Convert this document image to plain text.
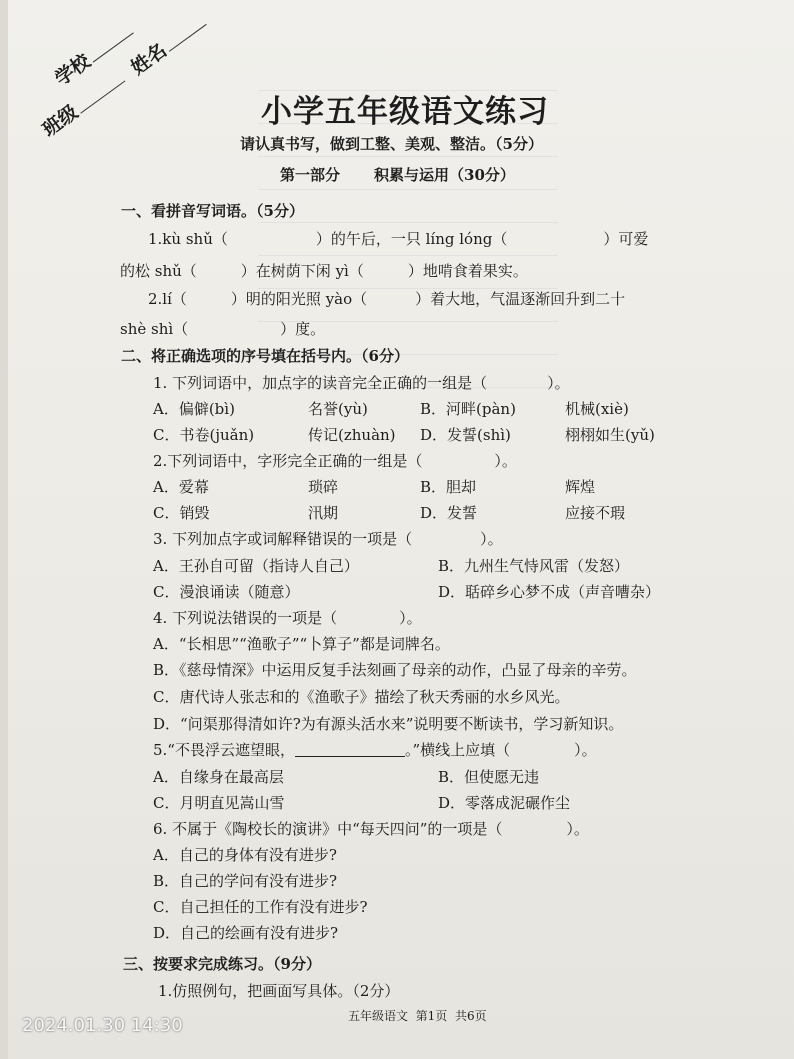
班级
学校 姓名
小学五年级语文练习
请认真书写，做到工整、美观、整洁。（5分）
第一部分 积累与运用（30分）
一、看拼音写词语。（5分）
1.kù shǔ（	）的午后，一只 líng lóng（	）可爱
的松 shǔ（	）在树荫下闲 yì（	）地啃食着果实。
2.lí（	）明的阳光照 yào（	）着大地，气温逐渐回升到二十
shè shì（	）度。
二、将正确选项的序号填在括号内。（6分）
1. 下列词语中，加点字的读音完全正确的一组是（	）。
A．偏僻(bì)	名誉(yù)	B．河畔(pàn)	机械(xiè)
C．书卷(juǎn)	传记(zhuàn) D．发誓(shì)	栩栩如生(yǔ)
2.下列词语中，字形完全正确的一组是（	）。
A．爱幕	琐碎	B．胆却	辉煌
C．销毁	汛期	D．发誓	应接不瑕
3. 下列加点字或词解释错误的一项是（	）。
A．王孙自可留（指诗人自己）	B．九州生气恃风雷（发怒）
C．漫浪诵读（随意）	D．聒碎乡心梦不成（声音嘈杂）
4. 下列说法错误的一项是（	）。
A．“长相思”“渔歌子”“卜算子”都是词牌名。
B．《慈母情深》中运用反复手法刻画了母亲的动作，凸显了母亲的辛劳。
C．唐代诗人张志和的《渔歌子》描绘了秋天秀丽的水乡风光。
D．“问渠那得清如许?为有源头活水来”说明要不断读书，学习新知识。
5.“不畏浮云遮望眼，	。”横线上应填（	）。
A．自缘身在最高层	B．但使愿无违
C．月明直见嵩山雪	D．零落成泥碾作尘
6. 不属于《陶校长的演讲》中“每天四问”的一项是（	）。
A．自己的身体有没有进步?
B．自己的学问有没有进步?
C．自己担任的工作有没有进步?
D．自己的绘画有没有进步?
三、按要求完成练习。（9分）
1.仿照例句，把画面写具体。（2分）
五年级语文 第1页 共6页
2024.01.30 14:30
